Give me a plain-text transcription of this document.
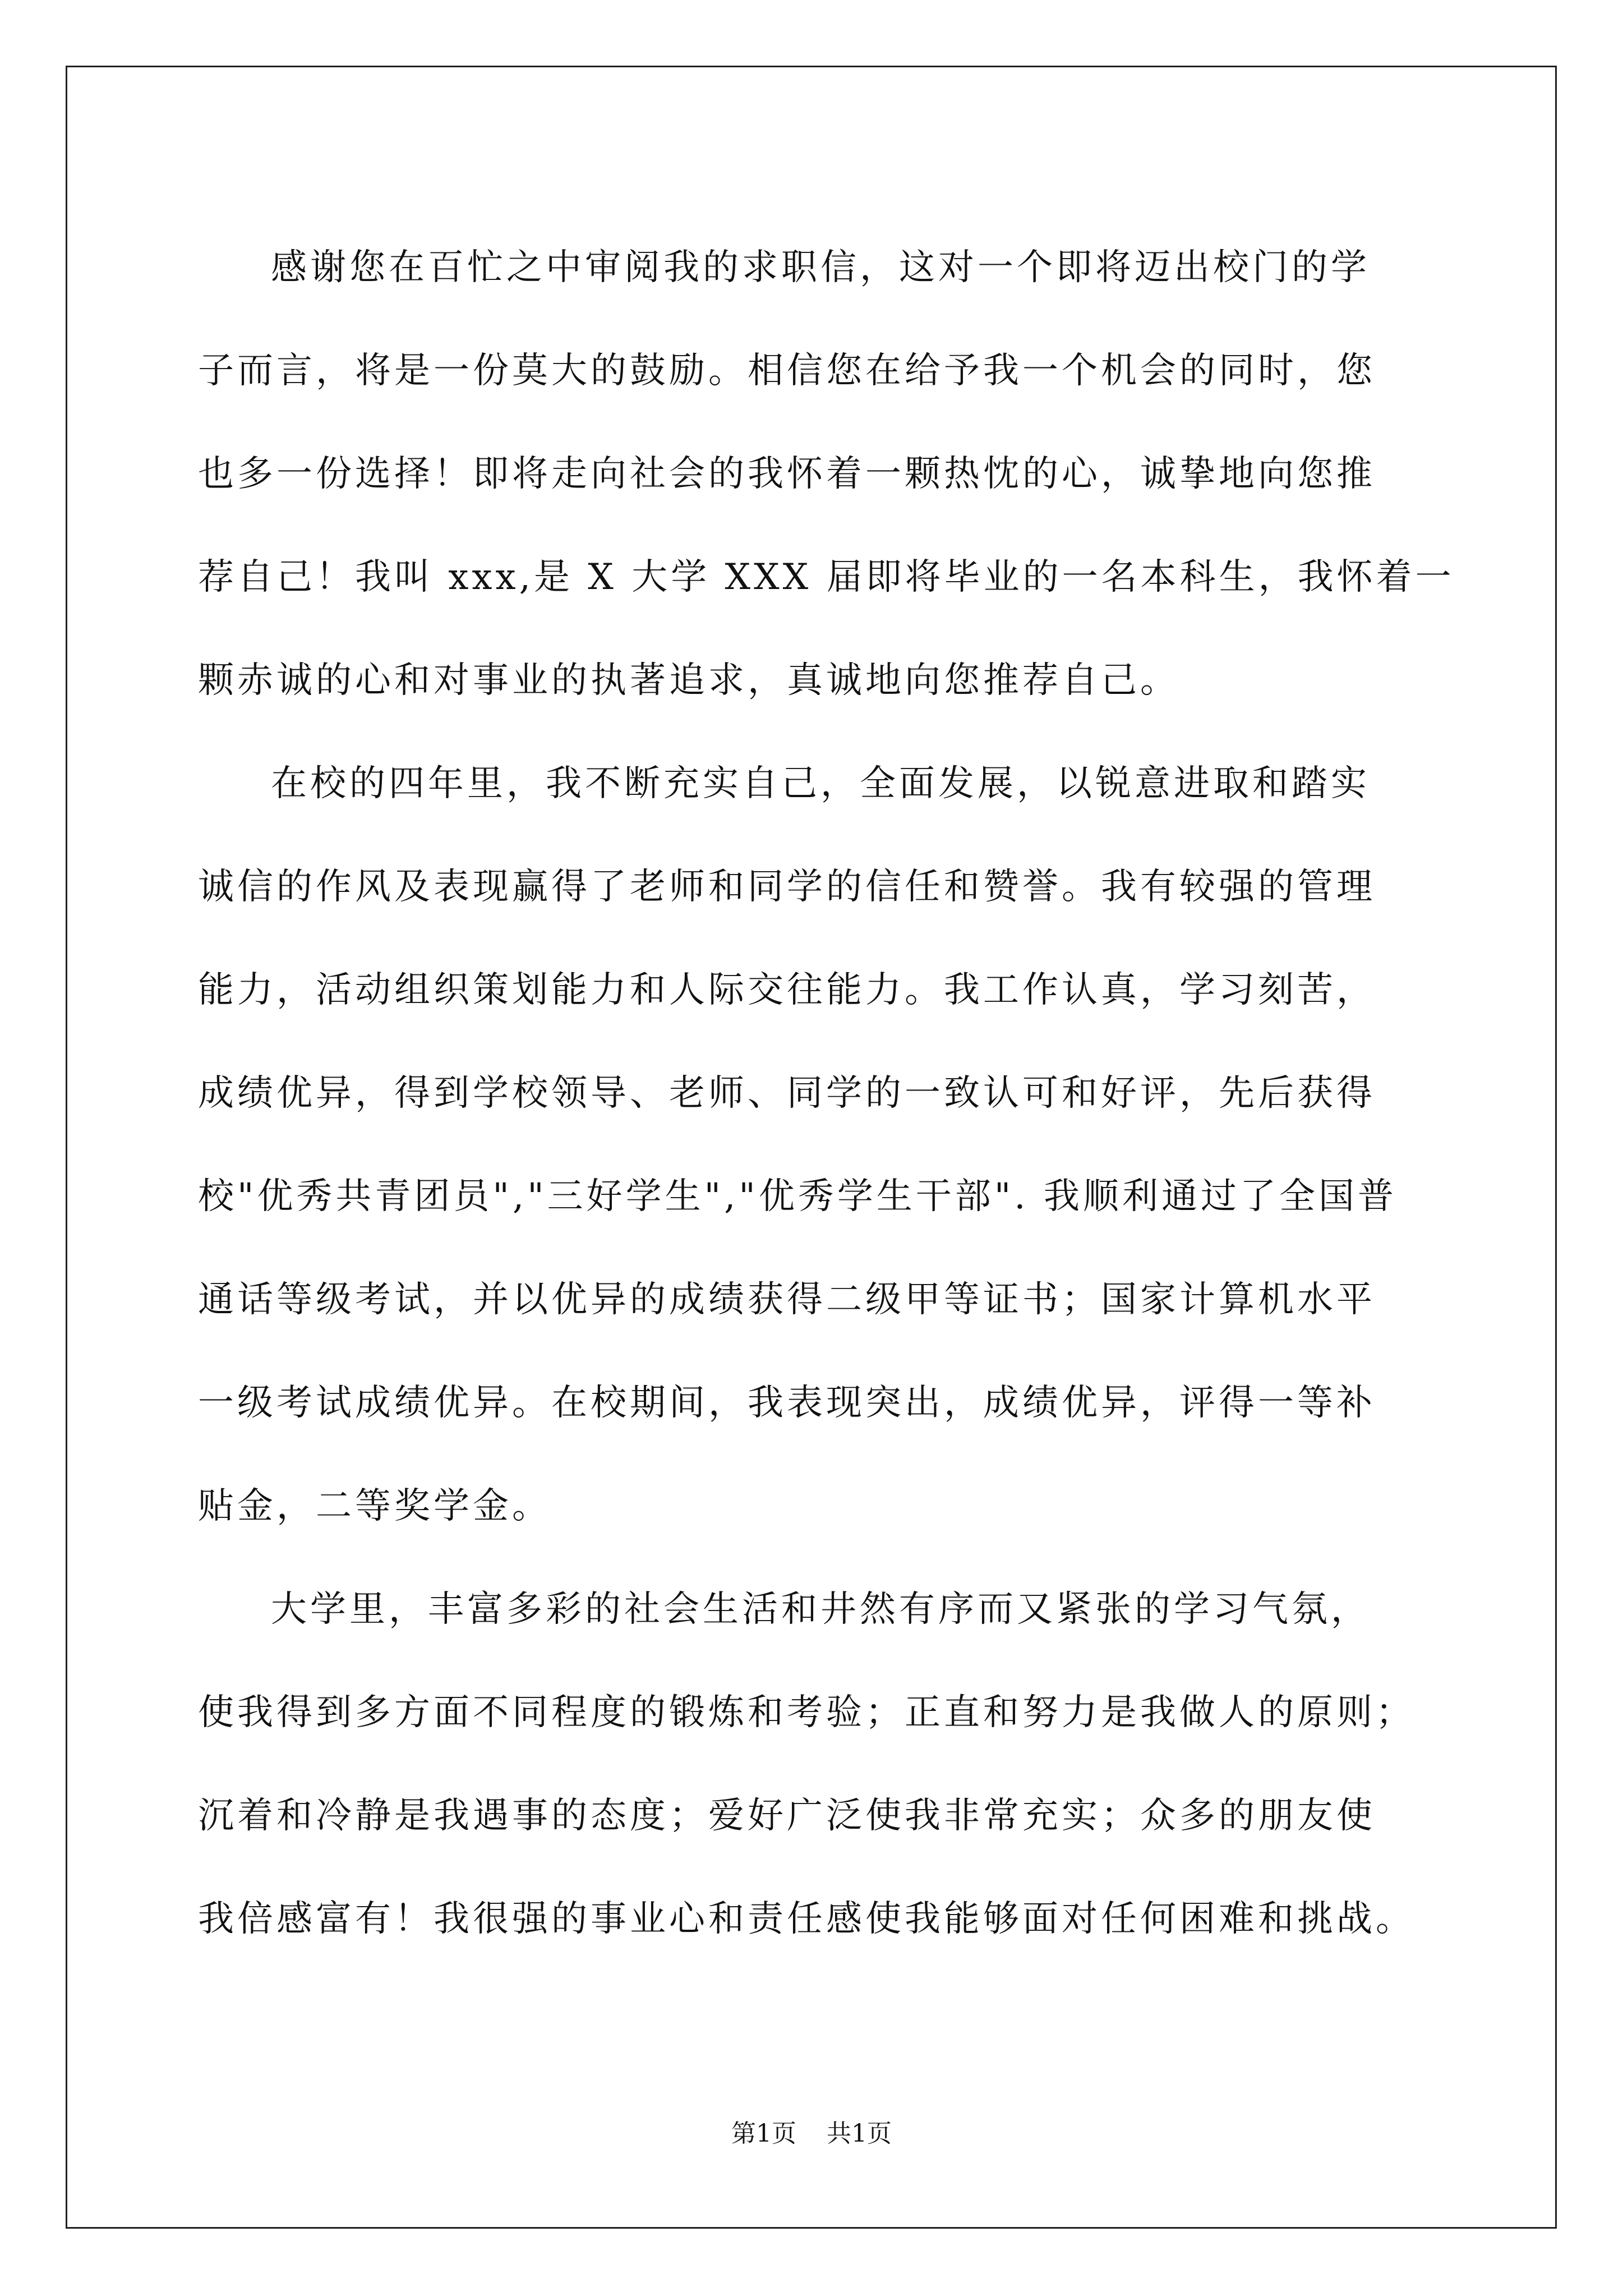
感谢您在百忙之中审阅我的求职信，这对一个即将迈出校门的学
子而言，将是一份莫大的鼓励。相信您在给予我一个机会的同时，您
也多一份选择！即将走向社会的我怀着一颗热忱的心，诚挚地向您推
荐自己！我叫 xxx,是 X 大学 XXX 届即将毕业的一名本科生，我怀着一
颗赤诚的心和对事业的执著追求，真诚地向您推荐自己。

在校的四年里，我不断充实自己，全面发展，以锐意进取和踏实
诚信的作风及表现赢得了老师和同学的信任和赞誉。我有较强的管理
能力，活动组织策划能力和人际交往能力。我工作认真，学习刻苦，
成绩优异，得到学校领导、老师、同学的一致认可和好评，先后获得
校"优秀共青团员","三好学生","优秀学生干部". 我顺利通过了全国普
通话等级考试，并以优异的成绩获得二级甲等证书；国家计算机水平
一级考试成绩优异。在校期间，我表现突出，成绩优异，评得一等补
贴金，二等奖学金。

大学里，丰富多彩的社会生活和井然有序而又紧张的学习气氛，
使我得到多方面不同程度的锻炼和考验；正直和努力是我做人的原则；
沉着和冷静是我遇事的态度；爱好广泛使我非常充实；众多的朋友使
我倍感富有！我很强的事业心和责任感使我能够面对任何困难和挑战。

第1页 共1页
